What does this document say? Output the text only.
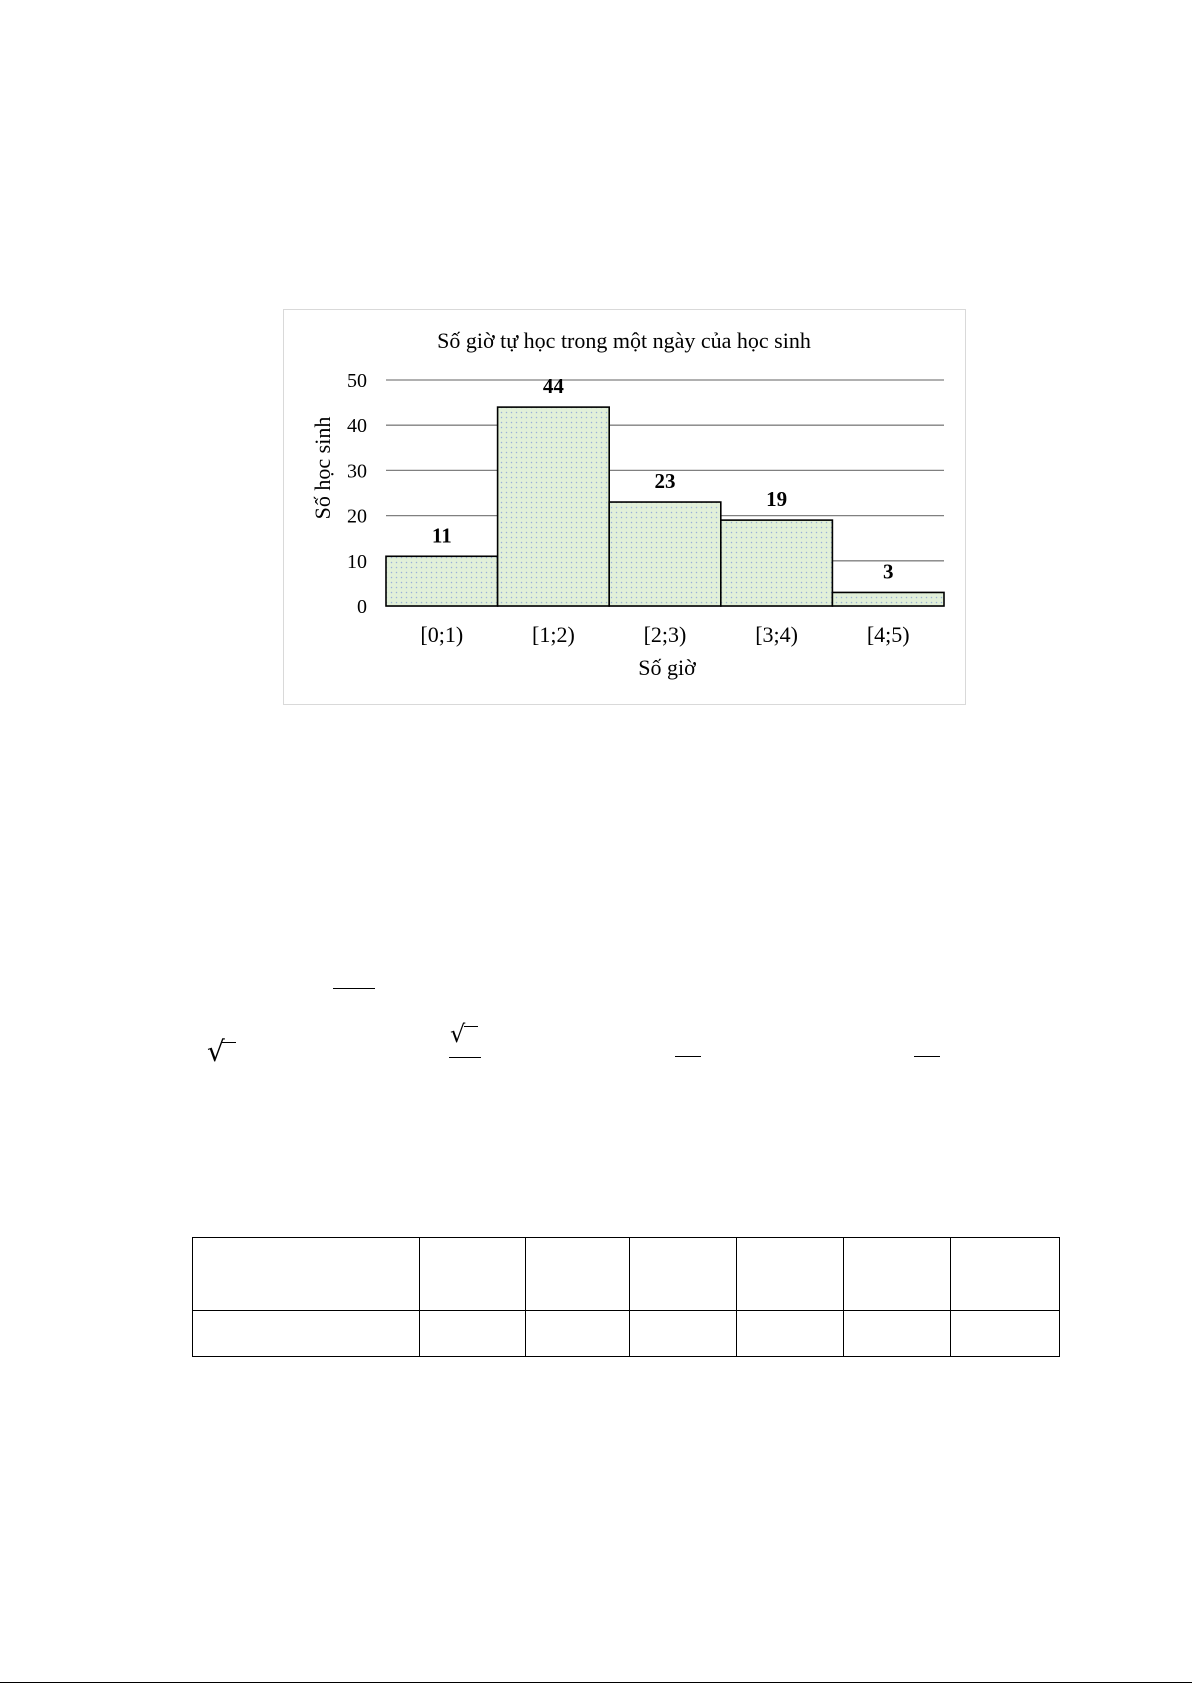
0
10
20
30
40
50
11
44
23
19
3
[0;1)	[1;2)	[2;3)	[3;4)	[4;5)
Số giờ tự học trong một ngày của học sinh
Số học sinh
Số giờ
√
√
